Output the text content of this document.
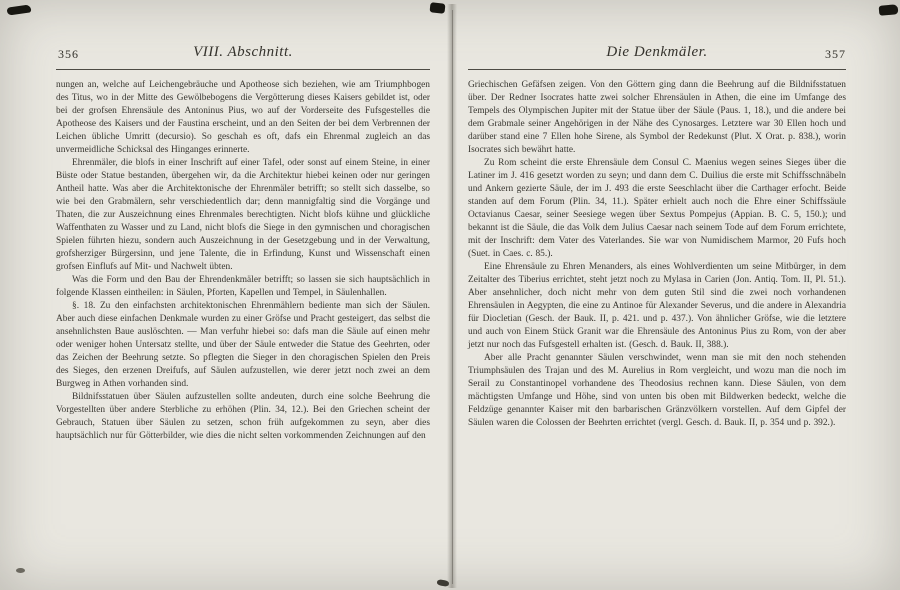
356	VIII. Abschnitt.

nungen an, welche auf Leichengebräuche und Apotheose sich beziehen, wie am Triumphbogen des Titus, wo in der Mitte des Gewölbebogens die Vergötterung dieses Kaisers gebildet ist, oder bei der grofsen Ehrensäule des Antoninus Pius, wo auf der Vorderseite des Fufsgestelles die Apotheose des Kaisers und der Faustina erscheint, und an den Seiten der bei dem Verbrennen der Leichen übliche Umritt (decursio). So geschah es oft, dafs ein Ehrenmal zugleich an das unvermeidliche Schicksal des Hinganges erinnerte.

Ehrenmäler, die blofs in einer Inschrift auf einer Tafel, oder sonst auf einem Steine, in einer Büste oder Statue bestanden, übergehen wir, da die Architektur hiebei keinen oder nur geringen Antheil hatte. Was aber die Architektonische der Ehrenmäler betrifft; so stellt sich dasselbe, so wie bei den Grabmälern, sehr verschiedentlich dar; denn mannigfaltig sind die Vorgänge und Thaten, die zur Auszeichnung eines Ehrenmales berechtigten. Nicht blofs kühne und glückliche Waffenthaten zu Wasser und zu Land, nicht blofs die Siege in den gymnischen und choragischen Spielen führten hiezu, sondern auch Auszeichnung in der Gesetzgebung und in der Verwaltung, grofsherziger Bürgersinn, und jene Talente, die in Erfindung, Kunst und Wissenschaft einen grofsen Einflufs auf Mit- und Nachwelt übten.

Was die Form und den Bau der Ehrendenkmäler betrifft; so lassen sie sich hauptsächlich in folgende Klassen eintheilen: in Säulen, Pforten, Kapellen und Tempel, in Säulenhallen.

§. 18. Zu den einfachsten architektonischen Ehrenmählern bediente man sich der Säulen. Aber auch diese einfachen Denkmale wurden zu einer Gröfse und Pracht gesteigert, das selbst die ansehnlichsten Baue auslöschten. — Man verfuhr hiebei so: dafs man die Säule auf einen mehr oder weniger hohen Untersatz stellte, und über der Säule entweder die Statue des Geehrten, oder das Zeichen der Beehrung setzte. So pflegten die Sieger in den choragischen Spielen den Preis des Sieges, den erzenen Dreifufs, auf Säulen aufzustellen, wie derer jetzt noch zwei an dem Burgweg in Athen vorhanden sind.

Bildnifsstatuen über Säulen aufzustellen sollte andeuten, durch eine solche Beehrung die Vorgestellten über andere Sterbliche zu erhöhen (Plin. 34, 12.). Bei den Griechen scheint der Gebrauch, Statuen über Säulen zu setzen, schon früh aufgekommen zu seyn, aber dies hauptsächlich nur für Götterbilder, wie dies die nicht selten vorkommenden Zeichnungen auf den

Die Denkmäler.	357

Griechischen Gefäfsen zeigen. Von den Göttern ging dann die Beehrung auf die Bildnifsstatuen über. Der Redner Isocrates hatte zwei solcher Ehrensäulen in Athen, die eine im Umfange des Tempels des Olympischen Jupiter mit der Statue über der Säule (Paus. 1, 18.), und die andere bei dem Grabmale seiner Angehörigen in der Nähe des Cynosarges. Letztere war 30 Ellen hoch und darüber stand eine 7 Ellen hohe Sirene, als Symbol der Redekunst (Plut. X Orat. p. 838.), worin Isocrates sich bewährt hatte.

Zu Rom scheint die erste Ehrensäule dem Consul C. Maenius wegen seines Sieges über die Latiner im J. 416 gesetzt worden zu seyn; und dann dem C. Duilius die erste mit Schiffsschnäbeln und Ankern gezierte Säule, der im J. 493 die erste Seeschlacht über die Carthager erfocht. Beide standen auf dem Forum (Plin. 34, 11.). Später erhielt auch noch die Ehre einer Schiffssäule Octavianus Caesar, seiner Seesiege wegen über Sextus Pompejus (Appian. B. C. 5, 150.); und bekannt ist die Säule, die das Volk dem Julius Caesar nach seinem Tode auf dem Forum errichtete, mit der Inschrift: dem Vater des Vaterlandes. Sie war von Numidischem Marmor, 20 Fufs hoch (Suet. in Caes. c. 85.).

Eine Ehrensäule zu Ehren Menanders, als eines Wohlverdienten um seine Mitbürger, in dem Zeitalter des Tiberius errichtet, steht jetzt noch zu Mylasa in Carien (Jon. Antiq. Tom. II, Pl. 51.). Aber ansehnlicher, doch nicht mehr von dem guten Stil sind die zwei noch vorhandenen Ehrensäulen in Aegypten, die eine zu Antinoe für Alexander Severus, und die andere in Alexandria für Diocletian (Gesch. der Bauk. II, p. 421. und p. 437.). Von ähnlicher Gröfse, wie die letztere und auch von Einem Stück Granit war die Ehrensäule des Antoninus Pius zu Rom, von der aber jetzt nur noch das Fufsgestell erhalten ist. (Gesch. d. Bauk. II, 388.).

Aber alle Pracht genannter Säulen verschwindet, wenn man sie mit den noch stehenden Triumphsäulen des Trajan und des M. Aurelius in Rom vergleicht, und wozu man die noch im Serail zu Constantinopel vorhandene des Theodosius rechnen kann. Diese Säulen, von dem mächtigsten Umfange und Höhe, sind von unten bis oben mit Bildwerken bedeckt, welche die Feldzüge genannter Kaiser mit den barbarischen Gränzvölkern vorstellen. Auf dem Gipfel der Säulen waren die Colossen der Beehrten errichtet (vergl. Gesch. d. Bauk. II, p. 354 und p. 392.).
